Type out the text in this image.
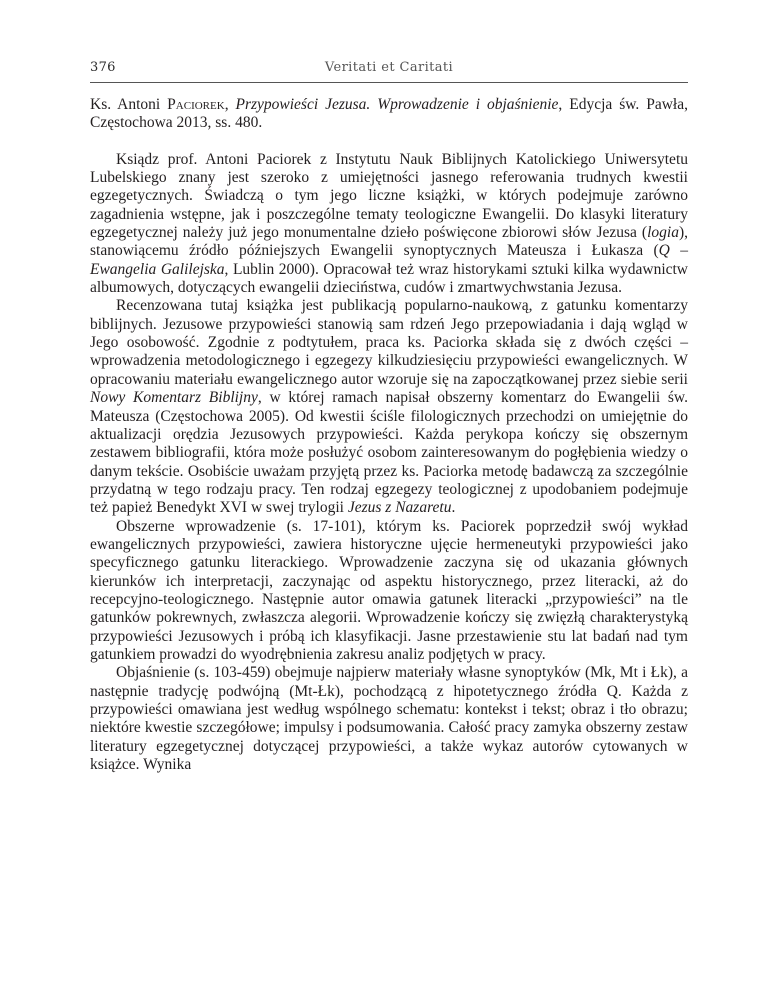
376	Veritati et Caritati

Ks. Antoni Paciorek, Przypowieści Jezusa. Wprowadzenie i objaśnienie, Edycja św. Pawła, Częstochowa 2013, ss. 480.

Ksiądz prof. Antoni Paciorek z Instytutu Nauk Biblijnych Katolickiego Uniwersytetu Lubelskiego znany jest szeroko z umiejętności jasnego referowania trudnych kwestii egzegetycznych. Świadczą o tym jego liczne książki, w których podejmuje zarówno zagadnienia wstępne, jak i poszczególne tematy teologiczne Ewangelii. Do klasyki literatury egzegetycznej należy już jego monumentalne dzieło poświęcone zbiorowi słów Jezusa (logia), stanowiącemu źródło późniejszych Ewangelii synoptycznych Mateusza i Łukasza (Q – Ewangelia Galilejska, Lublin 2000). Opracował też wraz historykami sztuki kilka wydawnictw albumowych, dotyczących ewangelii dzieciństwa, cudów i zmartwychwstania Jezusa.

Recenzowana tutaj książka jest publikacją popularno-naukową, z gatunku komentarzy biblijnych. Jezusowe przypowieści stanowią sam rdzeń Jego przepowiadania i dają wgląd w Jego osobowość. Zgodnie z podtytułem, praca ks. Paciorka składa się z dwóch części – wprowadzenia metodologicznego i egzegezy kilkudziesięciu przypowieści ewangelicznych. W opracowaniu materiału ewangelicznego autor wzoruje się na zapoczątkowanej przez siebie serii Nowy Komentarz Biblijny, w której ramach napisał obszerny komentarz do Ewangelii św. Mateusza (Częstochowa 2005). Od kwestii ściśle filologicznych przechodzi on umiejętnie do aktualizacji orędzia Jezusowych przypowieści. Każda perykopa kończy się obszernym zestawem bibliografii, która może posłużyć osobom zainteresowanym do pogłębienia wiedzy o danym tekście. Osobiście uważam przyjętą przez ks. Paciorka metodę badawczą za szczególnie przydatną w tego rodzaju pracy. Ten rodzaj egzegezy teologicznej z upodobaniem podejmuje też papież Benedykt XVI w swej trylogii Jezus z Nazaretu.

Obszerne wprowadzenie (s. 17-101), którym ks. Paciorek poprzedził swój wykład ewangelicznych przypowieści, zawiera historyczne ujęcie hermeneutyki przypowieści jako specyficznego gatunku literackiego. Wprowadzenie zaczyna się od ukazania głównych kierunków ich interpretacji, zaczynając od aspektu historycznego, przez literacki, aż do recepcyjno-teologicznego. Następnie autor omawia gatunek literacki „przypowieści” na tle gatunków pokrewnych, zwłaszcza alegorii. Wprowadzenie kończy się zwięzłą charakterystyką przypowieści Jezusowych i próbą ich klasyfikacji. Jasne przestawienie stu lat badań nad tym gatunkiem prowadzi do wyodrębnienia zakresu analiz podjętych w pracy.

Objaśnienie (s. 103-459) obejmuje najpierw materiały własne synoptyków (Mk, Mt i Łk), a następnie tradycję podwójną (Mt-Łk), pochodzącą z hipotetycznego źródła Q. Każda z przypowieści omawiana jest według wspólnego schematu: kontekst i tekst; obraz i tło obrazu; niektóre kwestie szczegółowe; impulsy i podsumowania. Całość pracy zamyka obszerny zestaw literatury egzegetycznej dotyczącej przypowieści, a także wykaz autorów cytowanych w książce. Wynika
